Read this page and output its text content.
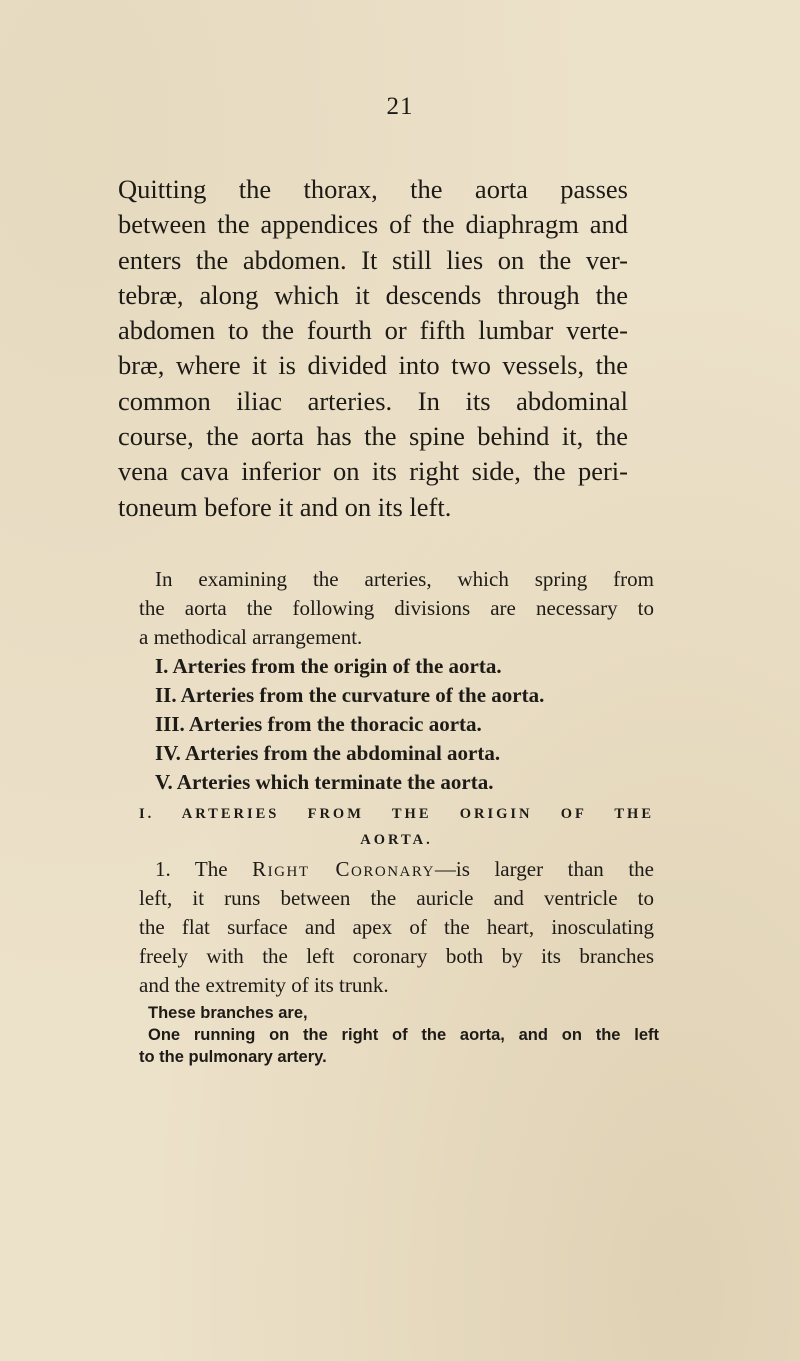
21

Quitting the thorax, the aorta passes
between the appendices of the diaphragm and
enters the abdomen. It still lies on the ver-
tebræ, along which it descends through the
abdomen to the fourth or fifth lumbar verte-
bræ, where it is divided into two vessels, the
common iliac arteries. In its abdominal
course, the aorta has the spine behind it, the
vena cava inferior on its right side, the peri-
toneum before it and on its left.

In examining the arteries, which spring from
the aorta the following divisions are necessary to
a methodical arrangement.

I. Arteries from the origin of the aorta.
II. Arteries from the curvature of the aorta.
III. Arteries from the thoracic aorta.
IV. Arteries from the abdominal aorta.
V. Arteries which terminate the aorta.
I. ARTERIES FROM THE ORIGIN OF THE
AORTA.

1. The Right Coronary—is larger than the
left, it runs between the auricle and ventricle to
the flat surface and apex of the heart, inosculating
freely with the left coronary both by its branches
and the extremity of its trunk.

These branches are,
One running on the right of the aorta, and on the left
to the pulmonary artery.
